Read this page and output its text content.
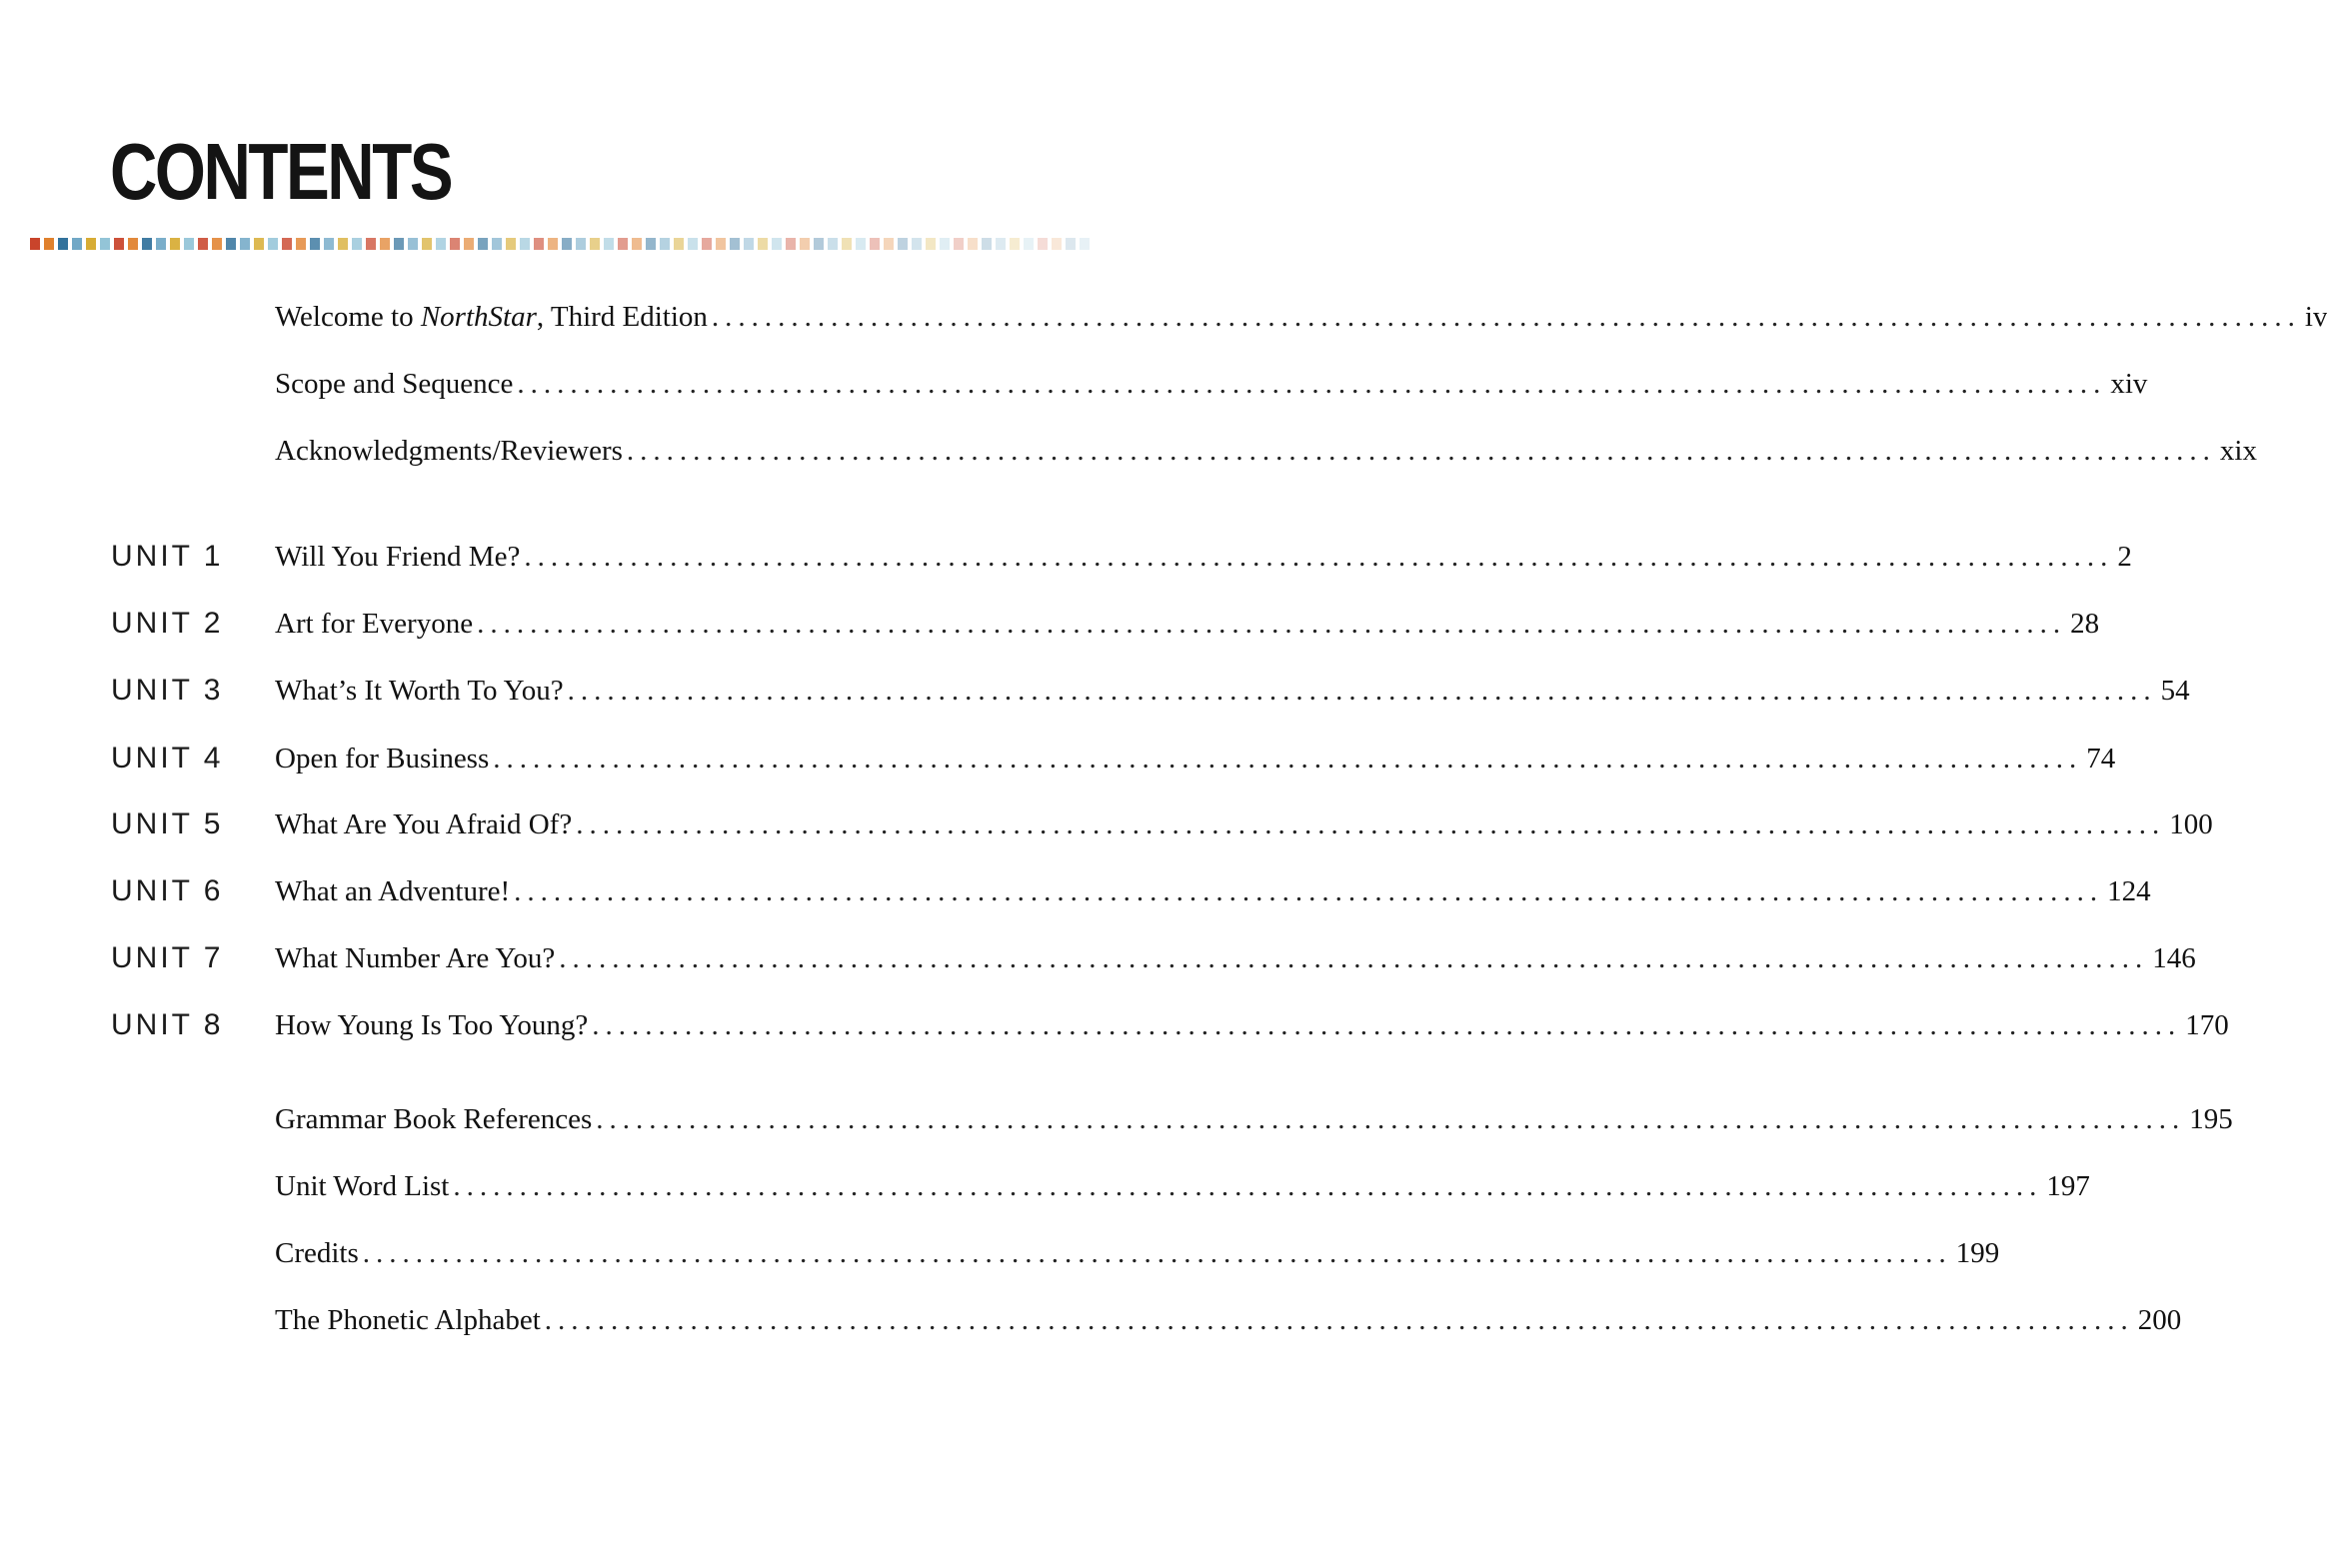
CONTENTS
Welcome to NorthStar, Third Edition ........................................................................................................................ iv
Scope and Sequence ........................................................................................................................ xiv
Acknowledgments/Reviewers ........................................................................................................................ xix
UNIT 1 Will You Friend Me? ........................................................................................................................ 2
UNIT 2 Art for Everyone ........................................................................................................................ 28
UNIT 3 What’s It Worth To You? ........................................................................................................................ 54
UNIT 4 Open for Business ........................................................................................................................ 74
UNIT 5 What Are You Afraid Of? ........................................................................................................................ 100
UNIT 6 What an Adventure! ........................................................................................................................ 124
UNIT 7 What Number Are You? ........................................................................................................................ 146
UNIT 8 How Young Is Too Young? ........................................................................................................................ 170
Grammar Book References ........................................................................................................................ 195
Unit Word List ........................................................................................................................ 197
Credits ........................................................................................................................ 199
The Phonetic Alphabet ........................................................................................................................ 200
